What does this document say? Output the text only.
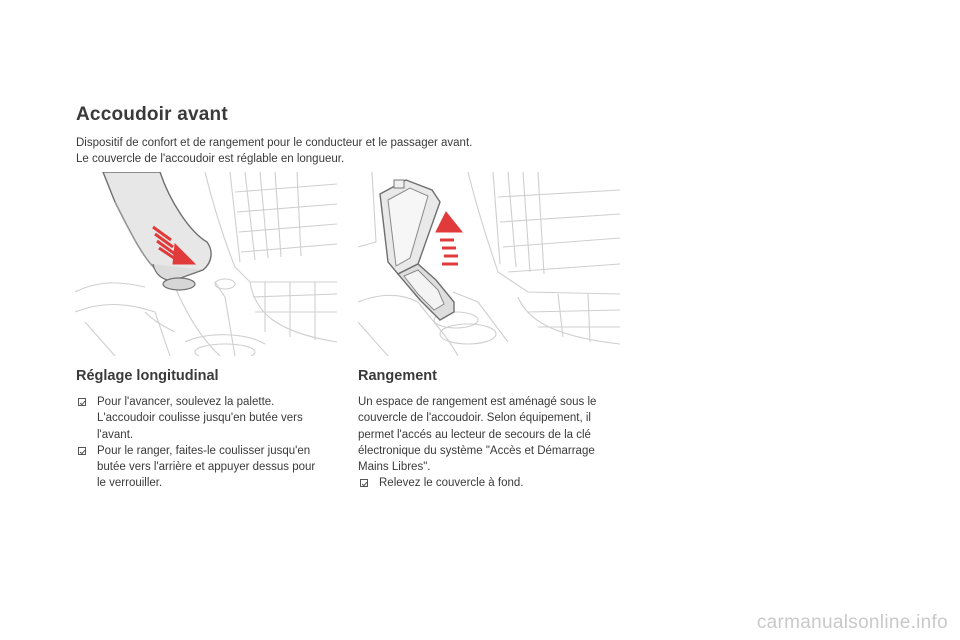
Accoudoir avant

Dispositif de confort et de rangement pour le conducteur et le passager avant.

Le couvercle de l'accoudoir est réglable en longueur.

Réglage longitudinal
Pour l'avancer, soulevez la palette.
L'accoudoir coulisse jusqu'en butée vers
l'avant.
Pour le ranger, faites-le coulisser jusqu'en
butée vers l'arrière et appuyer dessus pour
le verrouiller.
Rangement
Un espace de rangement est aménagé sous le
couvercle de l'accoudoir. Selon équipement, il
permet l'accés au lecteur de secours de la clé
électronique du système "Accès et Démarrage
Mains Libres".
Relevez le couvercle à fond.
carmanualsonline.info
